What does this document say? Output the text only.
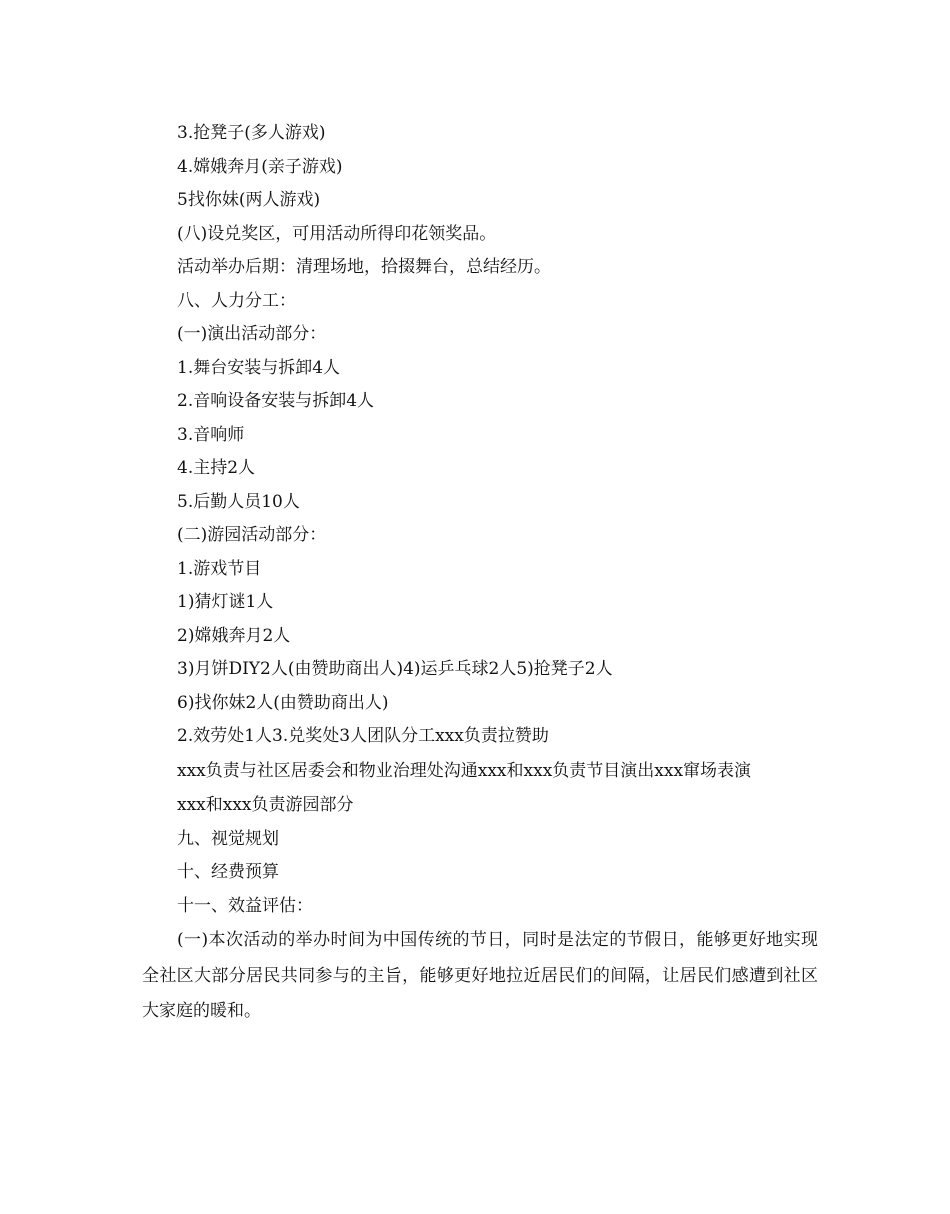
3.抢凳子(多人游戏)

4.嫦娥奔月(亲子游戏)

5找你妹(两人游戏)

(八)设兑奖区，可用活动所得印花领奖品。

活动举办后期：清理场地，拾掇舞台，总结经历。

八、人力分工：

(一)演出活动部分：

1.舞台安装与拆卸4人

2.音响设备安装与拆卸4人

3.音响师

4.主持2人

5.后勤人员10人

(二)游园活动部分：

1.游戏节目

1)猜灯谜1人

2)嫦娥奔月2人

3)月饼DIY2人(由赞助商出人)4)运乒乓球2人5)抢凳子2人

6)找你妹2人(由赞助商出人)

2.效劳处1人3.兑奖处3人团队分工xxx负责拉赞助

xxx负责与社区居委会和物业治理处沟通xxx和xxx负责节目演出xxx窜场表演

xxx和xxx负责游园部分

九、视觉规划

十、经费预算

十一、效益评估：

(一)本次活动的举办时间为中国传统的节日，同时是法定的节假日，能够更好地实现全社区大部分居民共同参与的主旨，能够更好地拉近居民们的间隔，让居民们感遭到社区大家庭的暖和。
